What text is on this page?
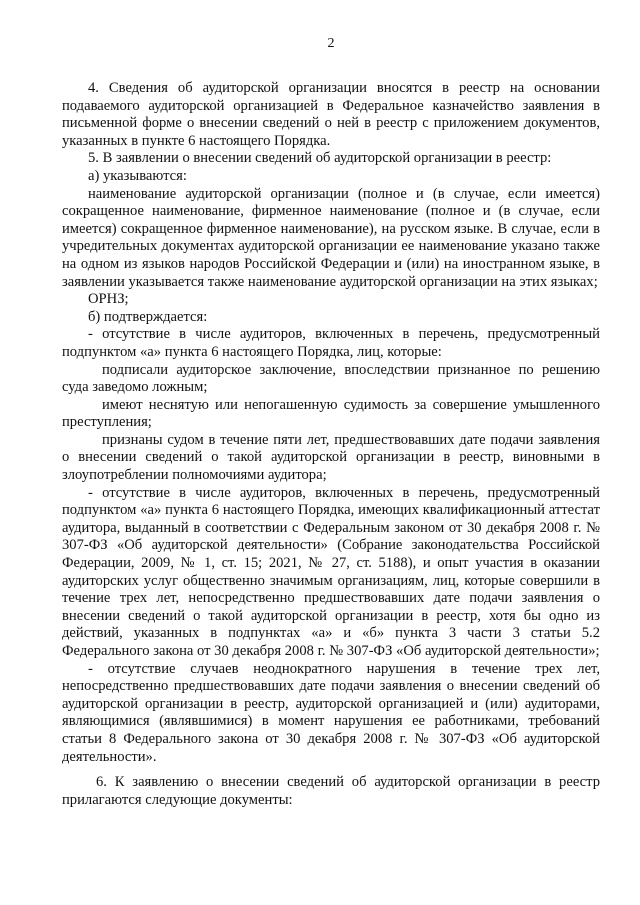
2

4. Сведения об аудиторской организации вносятся в реестр на основании подаваемого аудиторской организацией в Федеральное казначейство заявления в письменной форме о внесении сведений о ней в реестр с приложением документов, указанных в пункте 6 настоящего Порядка.

5. В заявлении о внесении сведений об аудиторской организации в реестр:

а) указываются:

наименование аудиторской организации (полное и (в случае, если имеется) сокращенное наименование, фирменное наименование (полное и (в случае, если имеется) сокращенное фирменное наименование), на русском языке. В случае, если в учредительных документах аудиторской организации ее наименование указано также на одном из языков народов Российской Федерации и (или) на иностранном языке, в заявлении указывается также наименование аудиторской организации на этих языках;

ОРНЗ;

б) подтверждается:

- отсутствие в числе аудиторов, включенных в перечень, предусмотренный подпунктом «а» пункта 6 настоящего Порядка, лиц, которые:

подписали аудиторское заключение, впоследствии признанное по решению суда заведомо ложным;

имеют неснятую или непогашенную судимость за совершение умышленного преступления;

признаны судом в течение пяти лет, предшествовавших дате подачи заявления о внесении сведений о такой аудиторской организации в реестр, виновными в злоупотреблении полномочиями аудитора;

- отсутствие в числе аудиторов, включенных в перечень, предусмотренный подпунктом «а» пункта 6 настоящего Порядка, имеющих квалификационный аттестат аудитора, выданный в соответствии с Федеральным законом от 30 декабря 2008 г. № 307-ФЗ «Об аудиторской деятельности» (Собрание законодательства Российской Федерации, 2009, № 1, ст. 15; 2021, № 27, ст. 5188), и опыт участия в оказании аудиторских услуг общественно значимым организациям, лиц, которые совершили в течение трех лет, непосредственно предшествовавших дате подачи заявления о внесении сведений о такой аудиторской организации в реестр, хотя бы одно из действий, указанных в подпунктах «а» и «б» пункта 3 части 3 статьи 5.2 Федерального закона от 30 декабря 2008 г. № 307-ФЗ «Об аудиторской деятельности»;

- отсутствие случаев неоднократного нарушения в течение трех лет, непосредственно предшествовавших дате подачи заявления о внесении сведений об аудиторской организации в реестр, аудиторской организацией и (или) аудиторами, являющимися (являвшимися) в момент нарушения ее работниками, требований статьи 8 Федерального закона от 30 декабря 2008 г. № 307-ФЗ «Об аудиторской деятельности».

6. К заявлению о внесении сведений об аудиторской организации в реестр прилагаются следующие документы:
